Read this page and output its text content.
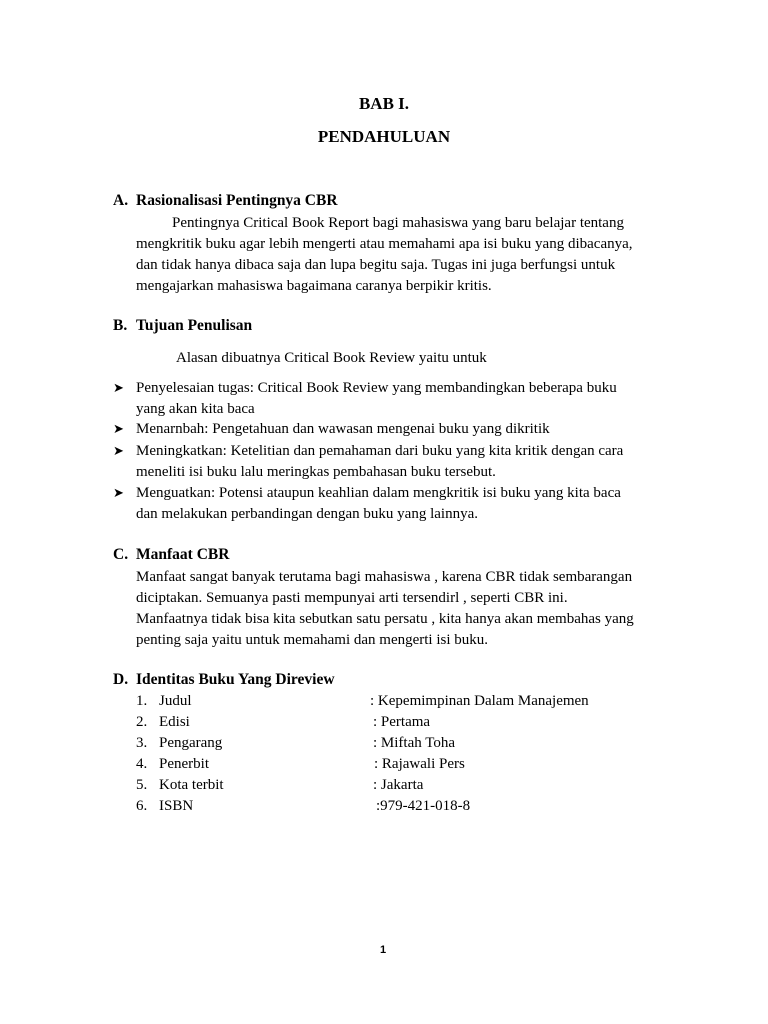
BAB I.
PENDAHULUAN
A. Rasionalisasi Pentingnya CBR
Pentingnya Critical Book Report bagi mahasiswa yang baru belajar tentang
mengkritik buku agar lebih mengerti atau memahami apa isi buku yang dibacanya,
dan tidak hanya dibaca saja dan lupa begitu saja. Tugas ini juga berfungsi untuk
mengajarkan mahasiswa bagaimana caranya berpikir kritis.
B. Tujuan Penulisan
Alasan dibuatnya Critical Book Review yaitu untuk
➤ Penyelesaian tugas: Critical Book Review yang membandingkan beberapa buku
yang akan kita baca
➤ Menarnbah: Pengetahuan dan wawasan mengenai buku yang dikritik
➤ Meningkatkan: Ketelitian dan pemahaman dari buku yang kita kritik dengan cara
meneliti isi buku lalu meringkas pembahasan buku tersebut.
➤ Menguatkan: Potensi ataupun keahlian dalam mengkritik isi buku yang kita baca
dan melakukan perbandingan dengan buku yang lainnya.
C. Manfaat CBR
Manfaat sangat banyak terutama bagi mahasiswa , karena CBR tidak sembarangan
diciptakan. Semuanya pasti mempunyai arti tersendirl , seperti CBR ini.
Manfaatnya tidak bisa kita sebutkan satu persatu , kita hanya akan membahas yang
penting saja yaitu untuk memahami dan mengerti isi buku.
D. Identitas Buku Yang Direview
1. Judul	: Kepemimpinan Dalam Manajemen
2. Edisi	: Pertama
3. Pengarang	: Miftah Toha
4. Penerbit	: Rajawali Pers
5. Kota terbit	: Jakarta
6. ISBN	:979-421-018-8
1
